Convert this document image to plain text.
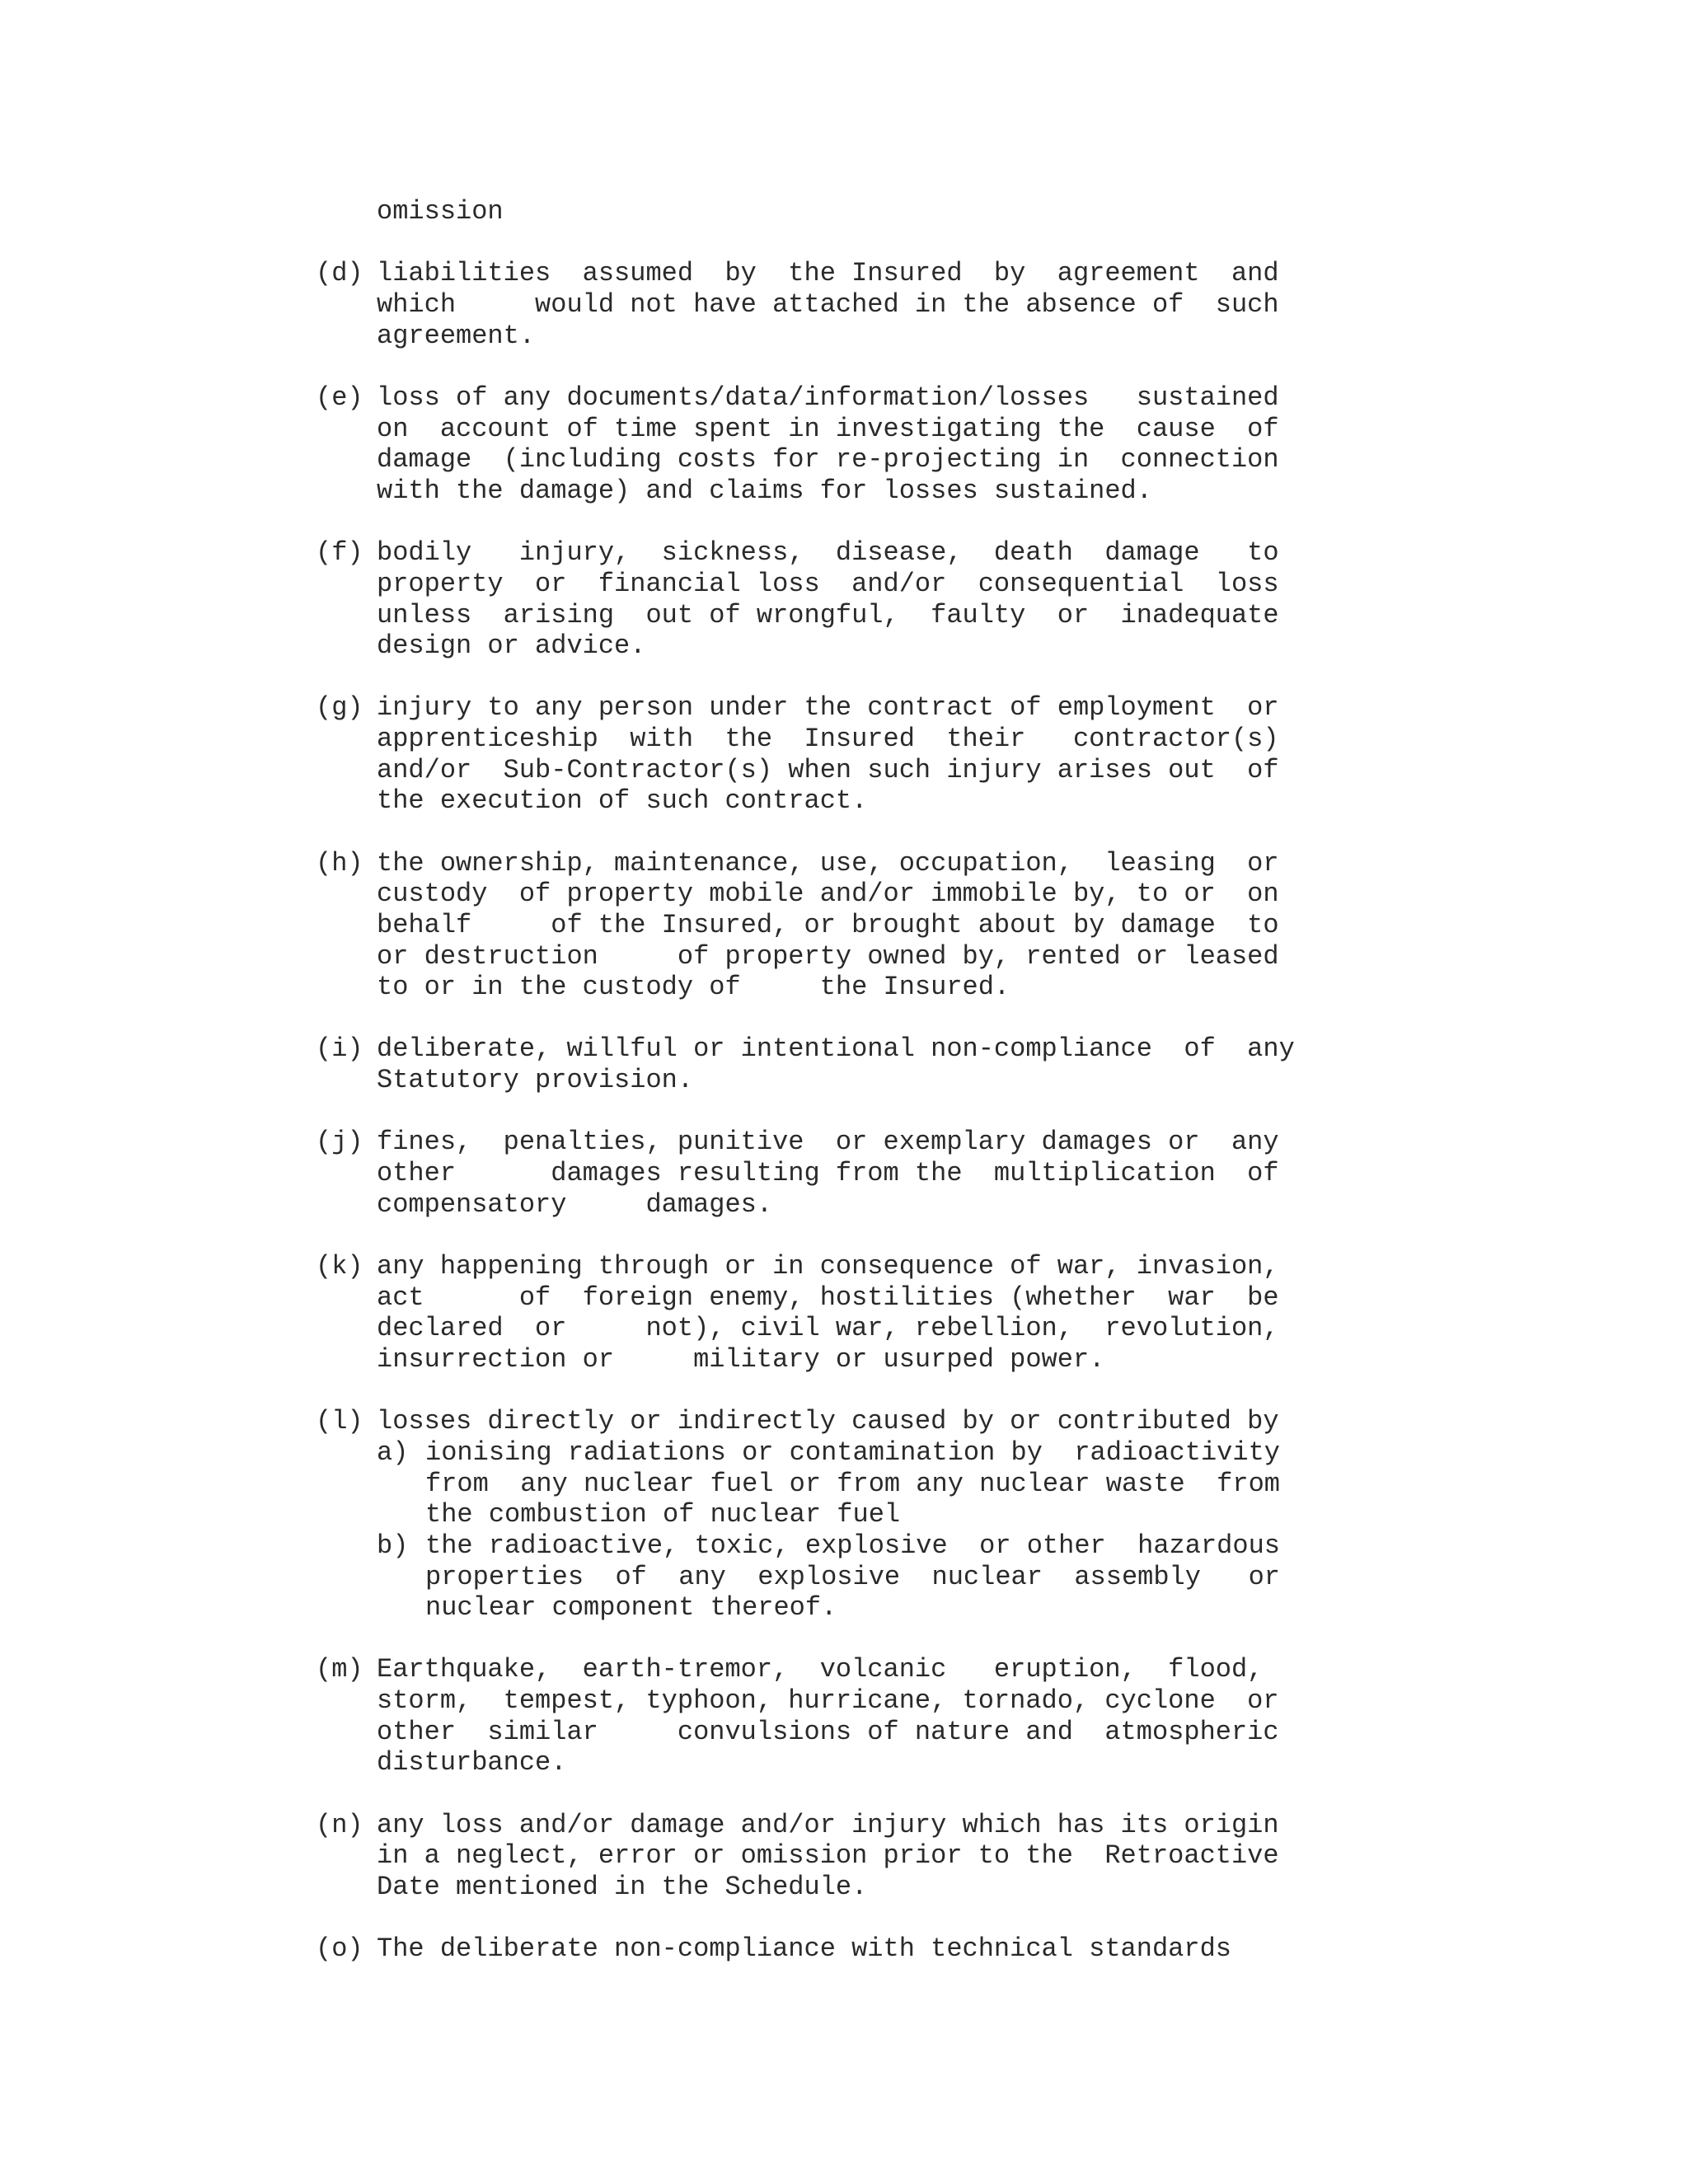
omission
(d) liabilities  assumed  by  the Insured  by  agreement  and
which     would not have attached in the absence of  such
agreement.
(e) loss of any documents/data/information/losses   sustained
on  account of time spent in investigating the  cause  of
damage  (including costs for re-projecting in  connection
with the damage) and claims for losses sustained.
(f) bodily   injury,  sickness,  disease,  death  damage   to
property  or  financial loss  and/or  consequential  loss
unless  arising  out of wrongful,  faulty  or  inadequate
design or advice.
(g) injury to any person under the contract of employment  or
apprenticeship  with  the  Insured  their   contractor(s)
and/or  Sub-Contractor(s) when such injury arises out  of
the execution of such contract.
(h) the ownership, maintenance, use, occupation,  leasing  or
custody  of property mobile and/or immobile by, to or  on
behalf     of the Insured, or brought about by damage  to
or destruction     of property owned by, rented or leased
to or in the custody of     the Insured.
(i) deliberate, willful or intentional non-compliance  of  any
Statutory provision.
(j) fines,  penalties, punitive  or exemplary damages or  any
other      damages resulting from the  multiplication  of
compensatory     damages.
(k) any happening through or in consequence of war, invasion,
act      of  foreign enemy, hostilities (whether  war  be
declared  or     not), civil war, rebellion,  revolution,
insurrection or     military or usurped power.
(l) losses directly or indirectly caused by or contributed by
a) ionising radiations or contamination by  radioactivity
from  any nuclear fuel or from any nuclear waste  from
the combustion of nuclear fuel
b) the radioactive, toxic, explosive  or other  hazardous
properties  of  any  explosive  nuclear  assembly   or
nuclear component thereof.
(m) Earthquake,  earth-tremor,  volcanic   eruption,  flood,
storm,  tempest, typhoon, hurricane, tornado, cyclone  or
other  similar     convulsions of nature and  atmospheric
disturbance.
(n) any loss and/or damage and/or injury which has its origin
in a neglect, error or omission prior to the  Retroactive
Date mentioned in the Schedule.
(o) The deliberate non-compliance with technical standards
